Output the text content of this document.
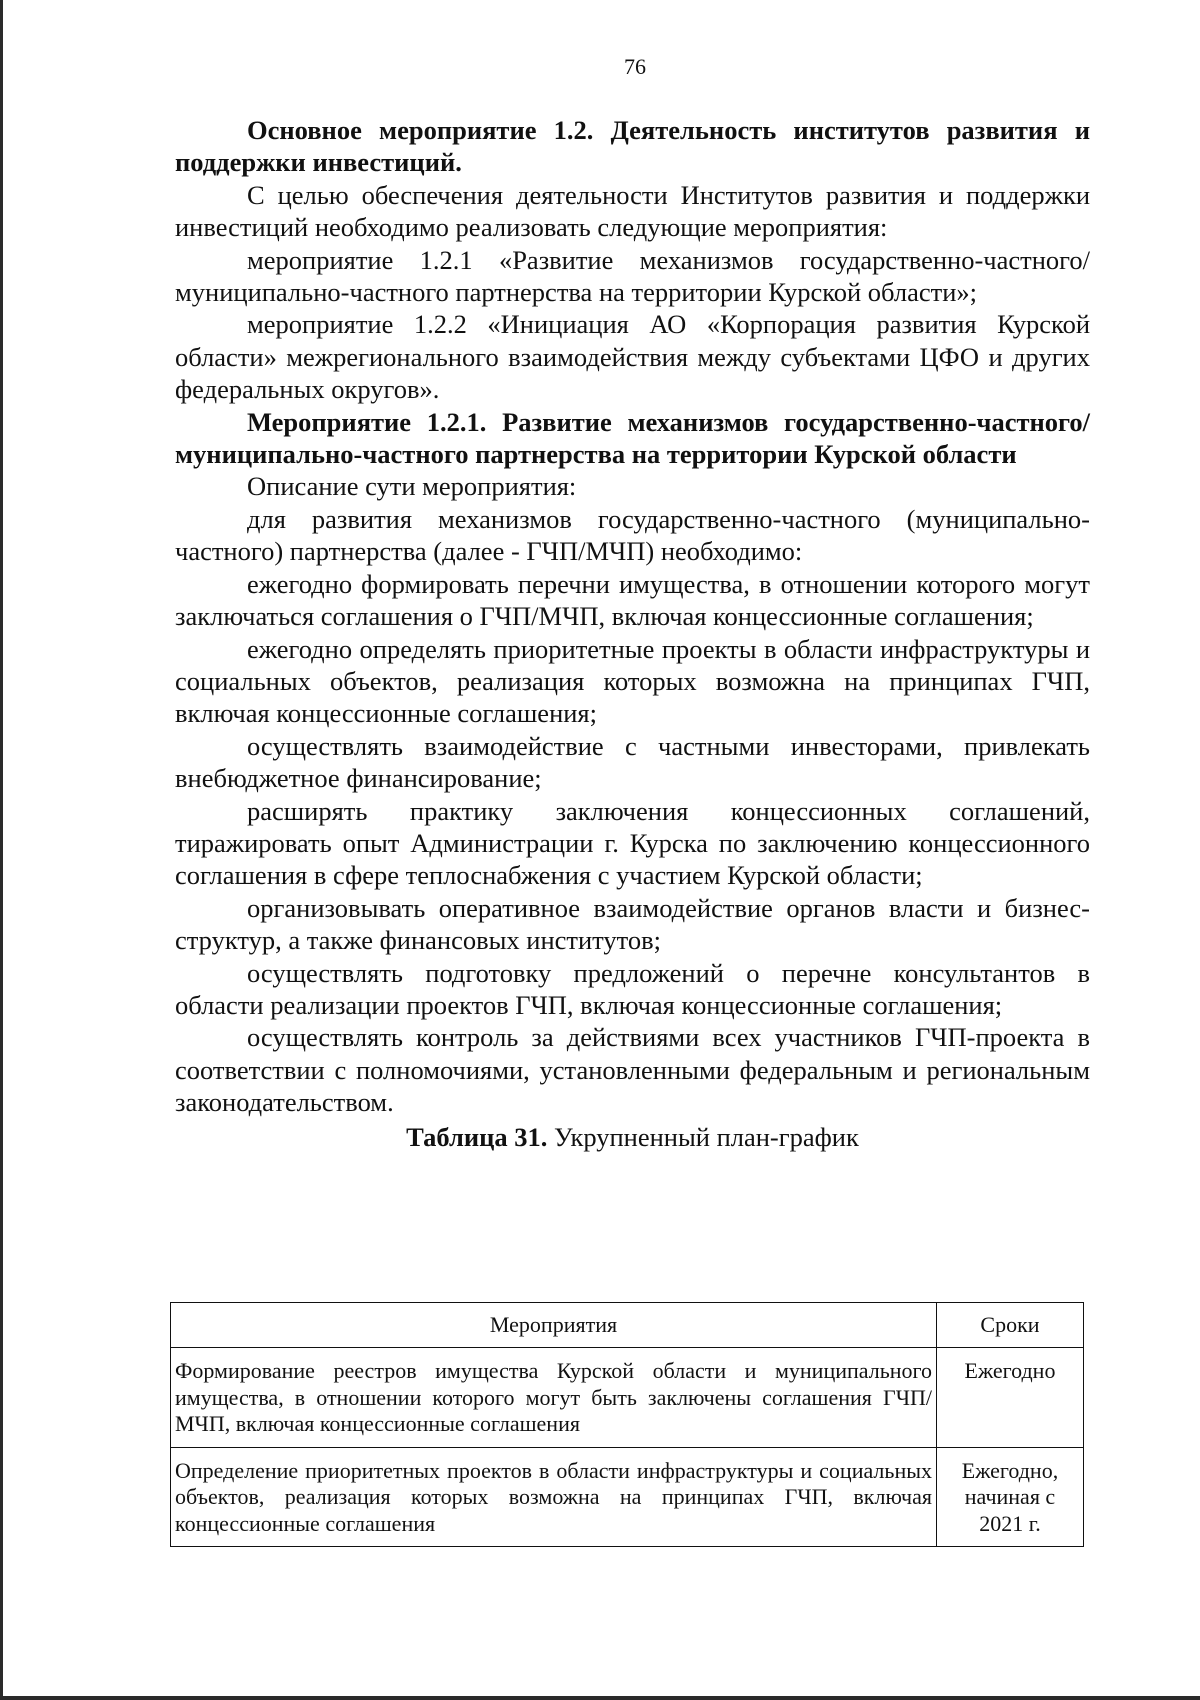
76

Основное мероприятие 1.2. Деятельность институтов развития и поддержки инвестиций.

С целью обеспечения деятельности Институтов развития и поддержки инвестиций необходимо реализовать следующие мероприятия:

мероприятие 1.2.1 «Развитие механизмов государственно-частного/муниципально-частного партнерства на территории Курской области»;

мероприятие 1.2.2 «Инициация АО «Корпорация развития Курской области» межрегионального взаимодействия между субъектами ЦФО и других федеральных округов».

Мероприятие 1.2.1. Развитие механизмов государственно-частного/муниципально-частного партнерства на территории Курской области

Описание сути мероприятия:

для развития механизмов государственно-частного (муниципально-частного) партнерства (далее - ГЧП/МЧП) необходимо:

ежегодно формировать перечни имущества, в отношении которого могут заключаться соглашения о ГЧП/МЧП, включая концессионные соглашения;

ежегодно определять приоритетные проекты в области инфраструктуры и социальных объектов, реализация которых возможна на принципах ГЧП, включая концессионные соглашения;

осуществлять взаимодействие с частными инвесторами, привлекать внебюджетное финансирование;

расширять практику заключения концессионных соглашений, тиражировать опыт Администрации г. Курска по заключению концессионного соглашения в сфере теплоснабжения с участием Курской области;

организовывать оперативное взаимодействие органов власти и бизнес-структур, а также финансовых институтов;

осуществлять подготовку предложений о перечне консультантов в области реализации проектов ГЧП, включая концессионные соглашения;

осуществлять контроль за действиями всех участников ГЧП-проекта в соответствии с полномочиями, установленными федеральным и региональным законодательством.

Таблица 31. Укрупненный план-график
Мероприятия	Сроки
Формирование реестров имущества Курской области и муниципального имущества, в отношении которого могут быть заключены соглашения ГЧП/МЧП, включая концессионные соглашения	Ежегодно

Определение приоритетных проектов в области инфраструктуры и социальных объектов, реализация которых возможна на принципах ГЧП, включая концессионные соглашения	Ежегодно,
начиная с
2021 г.
